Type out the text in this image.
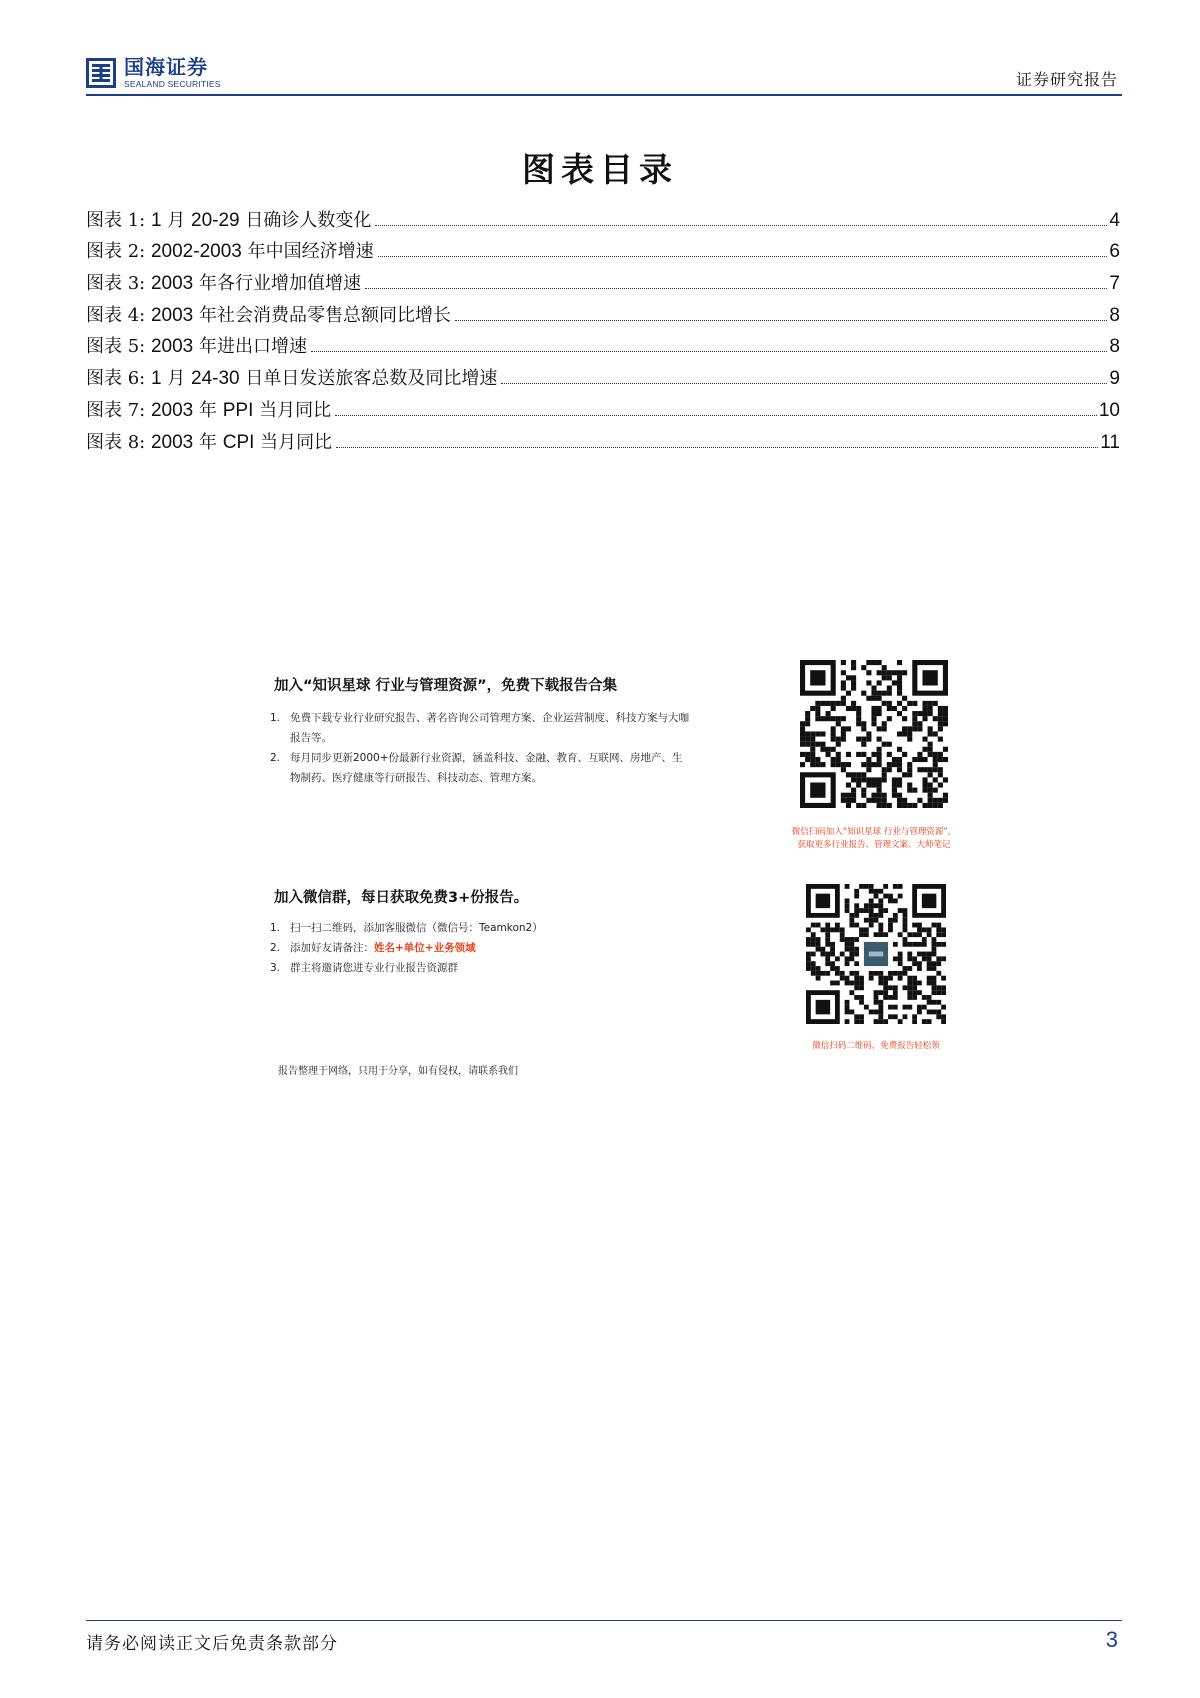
国海证券
SEALAND SECURITIES	证券研究报告
图表目录
图表 1: 1 月 20-29 日确诊人数变化	4
图表 2: 2002-2003 年中国经济增速	6
图表 3: 2003 年各行业增加值增速	7
图表 4: 2003 年社会消费品零售总额同比增长	8
图表 5: 2003 年进出口增速	8
图表 6: 1 月 24-30 日单日发送旅客总数及同比增速	9
图表 7: 2003 年 PPI 当月同比	10
图表 8: 2003 年 CPI 当月同比	11
加入“知识星球 行业与管理资源”，免费下载报告合集
1. 免费下载专业行业研究报告、著名咨询公司管理方案、企业运营制度、科技方案与大咖报告等。
2. 每月同步更新2000+份最新行业资源，涵盖科技、金融、教育、互联网、房地产、生物制药、医疗健康等行研报告、科技动态、管理方案。
微信扫码加入“知识星球 行业与管理资源”，
获取更多行业报告、管理文案、大师笔记
加入微信群，每日获取免费3+份报告。
1. 扫一扫二维码，添加客服微信（微信号：Teamkon2）
2. 添加好友请备注：姓名+单位+业务领域
3. 群主将邀请您进专业行业报告资源群
微信扫码二维码，免费报告轻松领
报告整理于网络，只用于分享，如有侵权，请联系我们
请务必阅读正文后免责条款部分	3
